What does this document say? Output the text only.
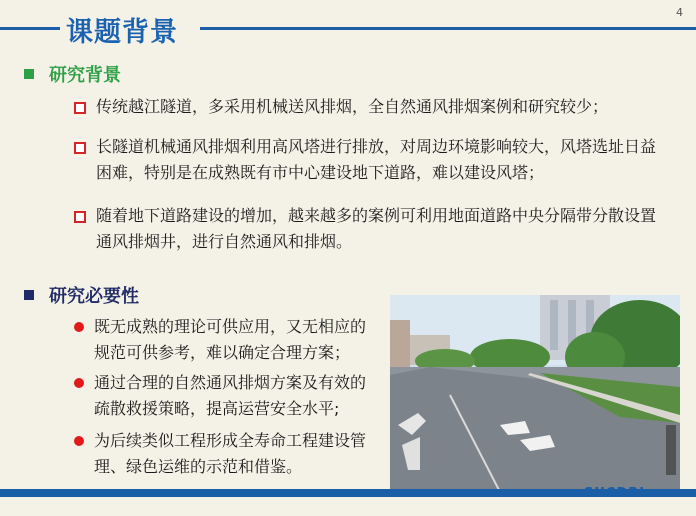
课题背景
4
研究背景
传统越江隧道，多采用机械送风排烟，全自然通风排烟案例和研究较少；
长隧道机械通风排烟利用高风塔进行排放，对周边环境影响较大，风塔选址日益困难，特别是在成熟既有市中心建设地下道路，难以建设风塔；
随着地下道路建设的增加，越来越多的案例可利用地面道路中央分隔带分散设置通风排烟井，进行自然通风和排烟。
研究必要性
既无成熟的理论可供应用，又无相应的规范可供参考，难以确定合理方案；
通过合理的自然通风排烟方案及有效的疏散救援策略，提高运营安全水平;
为后续类似工程形成全寿命工程建设管理、绿色运维的示范和借鉴。
SUCDRI
